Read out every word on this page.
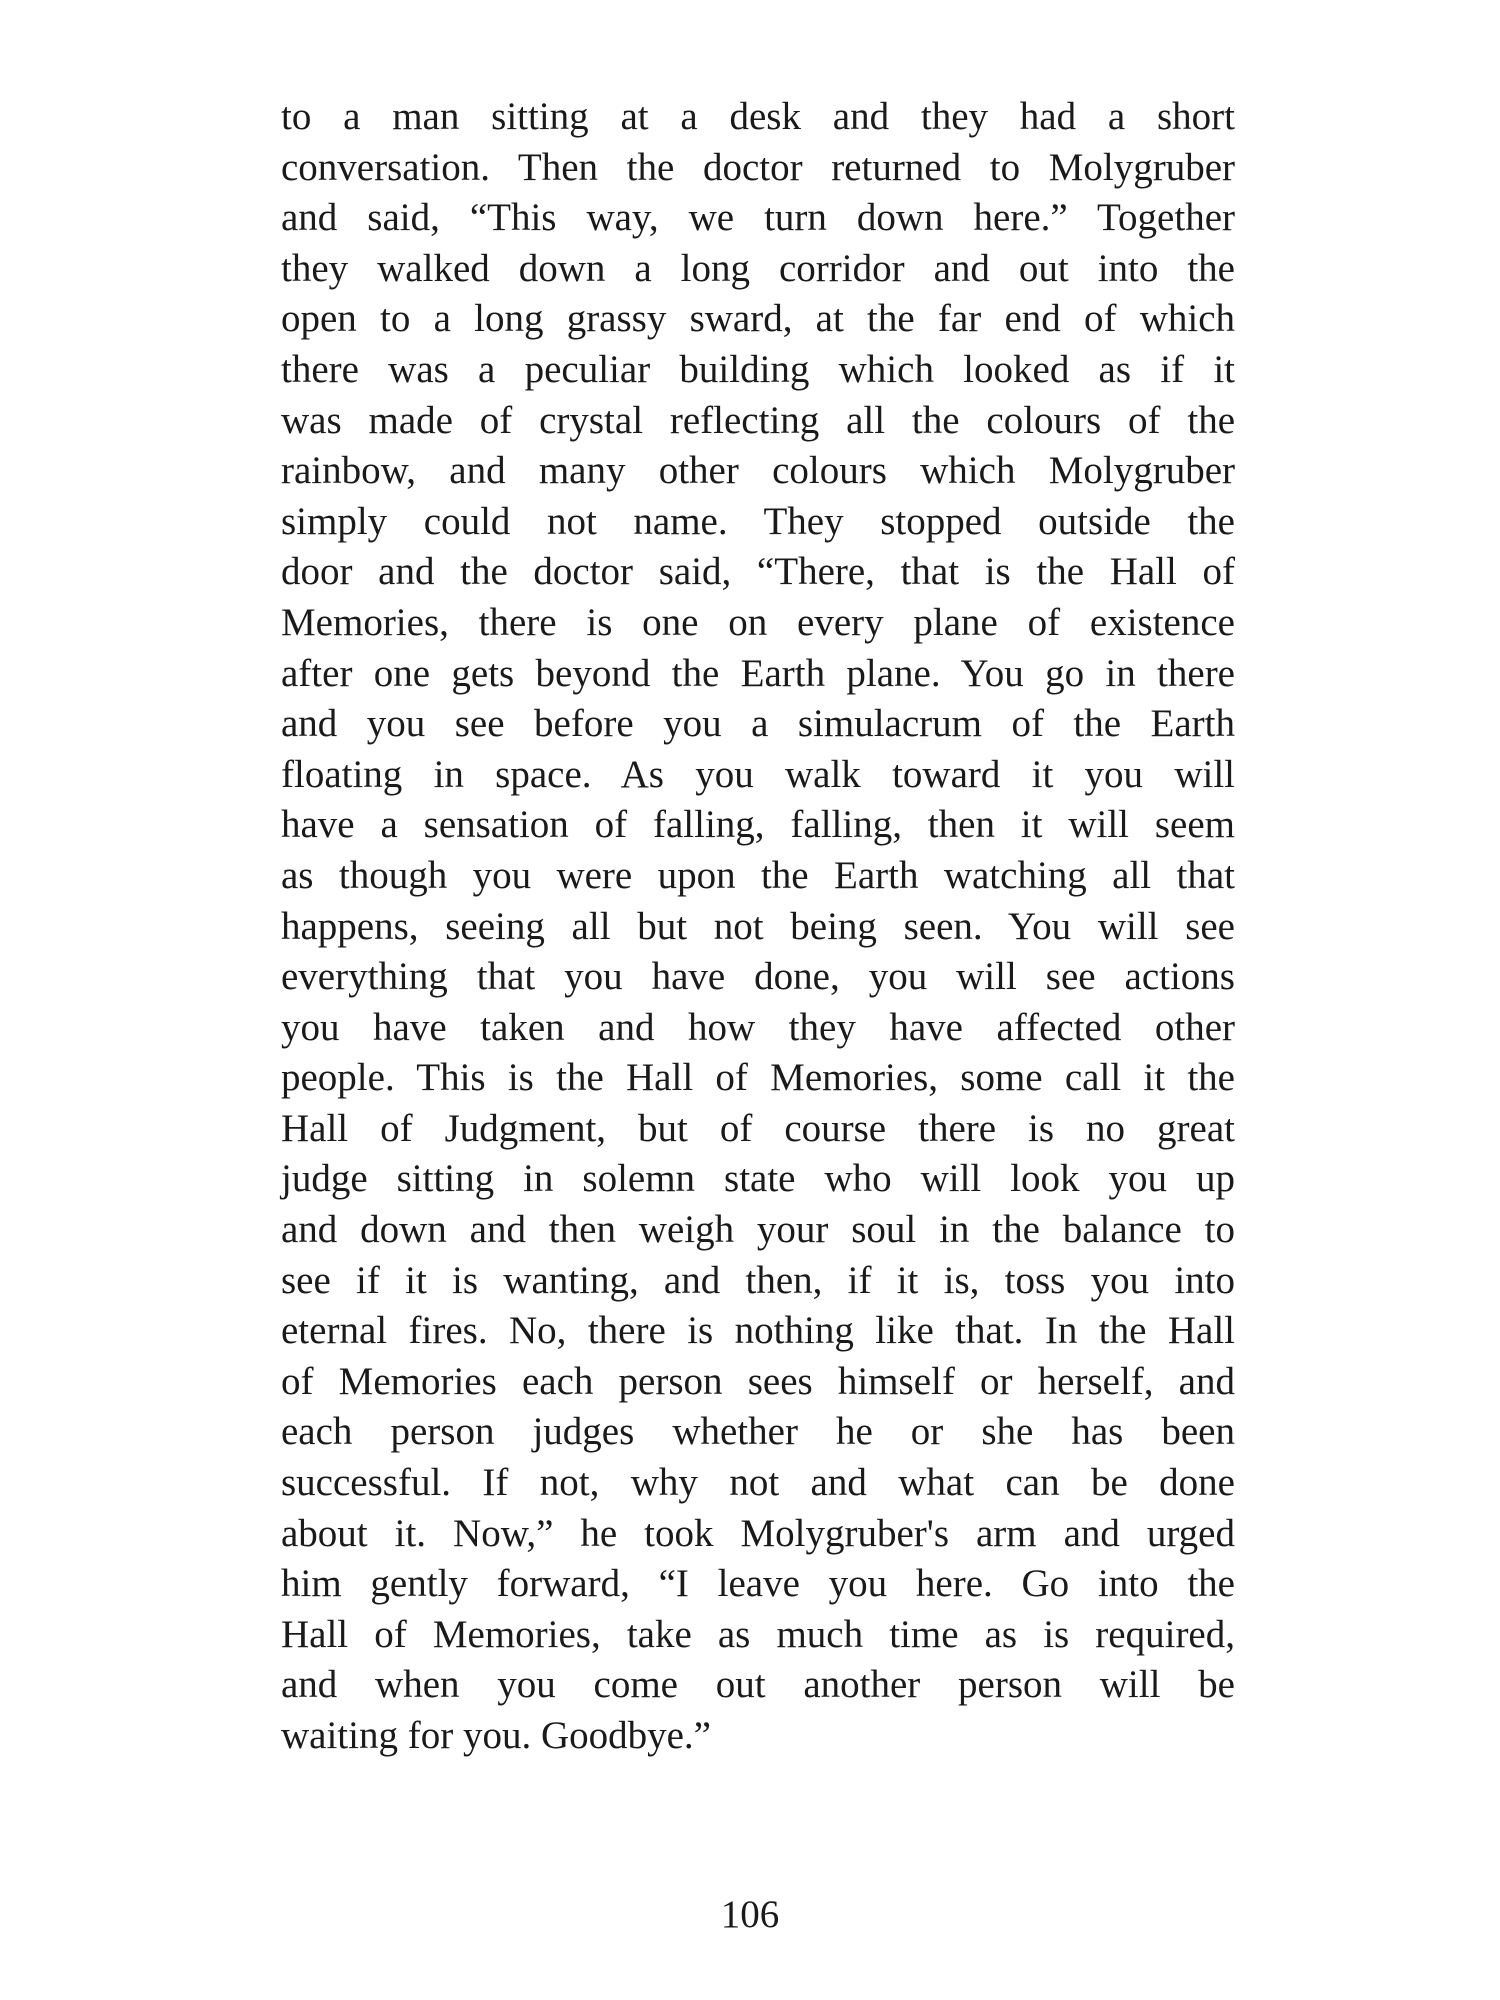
to a man sitting at a desk and they had a short
conversation. Then the doctor returned to Molygruber
and said, “This way, we turn down here.” Together
they walked down a long corridor and out into the
open to a long grassy sward, at the far end of which
there was a peculiar building which looked as if it
was made of crystal reflecting all the colours of the
rainbow, and many other colours which Molygruber
simply could not name. They stopped outside the
door and the doctor said, “There, that is the Hall of
Memories, there is one on every plane of existence
after one gets beyond the Earth plane. You go in there
and you see before you a simulacrum of the Earth
floating in space. As you walk toward it you will
have a sensation of falling, falling, then it will seem
as though you were upon the Earth watching all that
happens, seeing all but not being seen. You will see
everything that you have done, you will see actions
you have taken and how they have affected other
people. This is the Hall of Memories, some call it the
Hall of Judgment, but of course there is no great
judge sitting in solemn state who will look you up
and down and then weigh your soul in the balance to
see if it is wanting, and then, if it is, toss you into
eternal fires. No, there is nothing like that. In the Hall
of Memories each person sees himself or herself, and
each person judges whether he or she has been
successful. If not, why not and what can be done
about it. Now,” he took Molygruber's arm and urged
him gently forward, “I leave you here. Go into the
Hall of Memories, take as much time as is required,
and when you come out another person will be
waiting for you. Goodbye.”
106
